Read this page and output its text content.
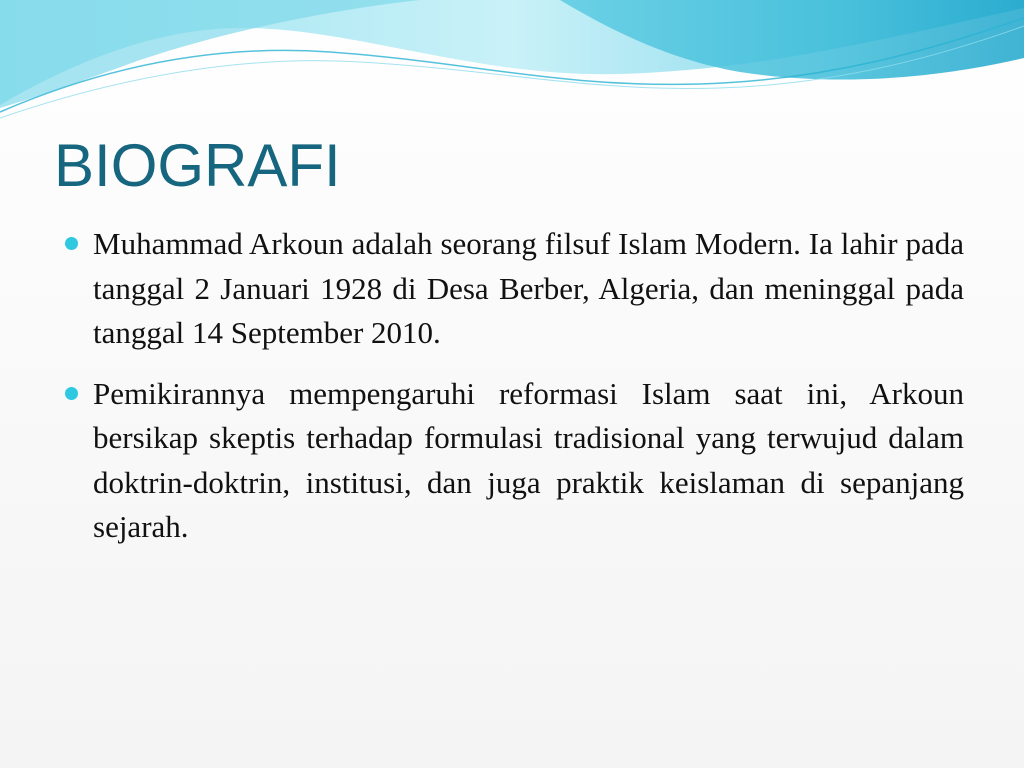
BIOGRAFI

Muhammad Arkoun adalah seorang filsuf Islam Modern. Ia lahir pada tanggal 2 Januari 1928 di Desa Berber, Algeria, dan meninggal pada tanggal 14 September 2010.

Pemikirannya mempengaruhi reformasi Islam saat ini, Arkoun bersikap skeptis terhadap formulasi tradisional yang terwujud dalam doktrin-doktrin, institusi, dan juga praktik keislaman di sepanjang sejarah.
